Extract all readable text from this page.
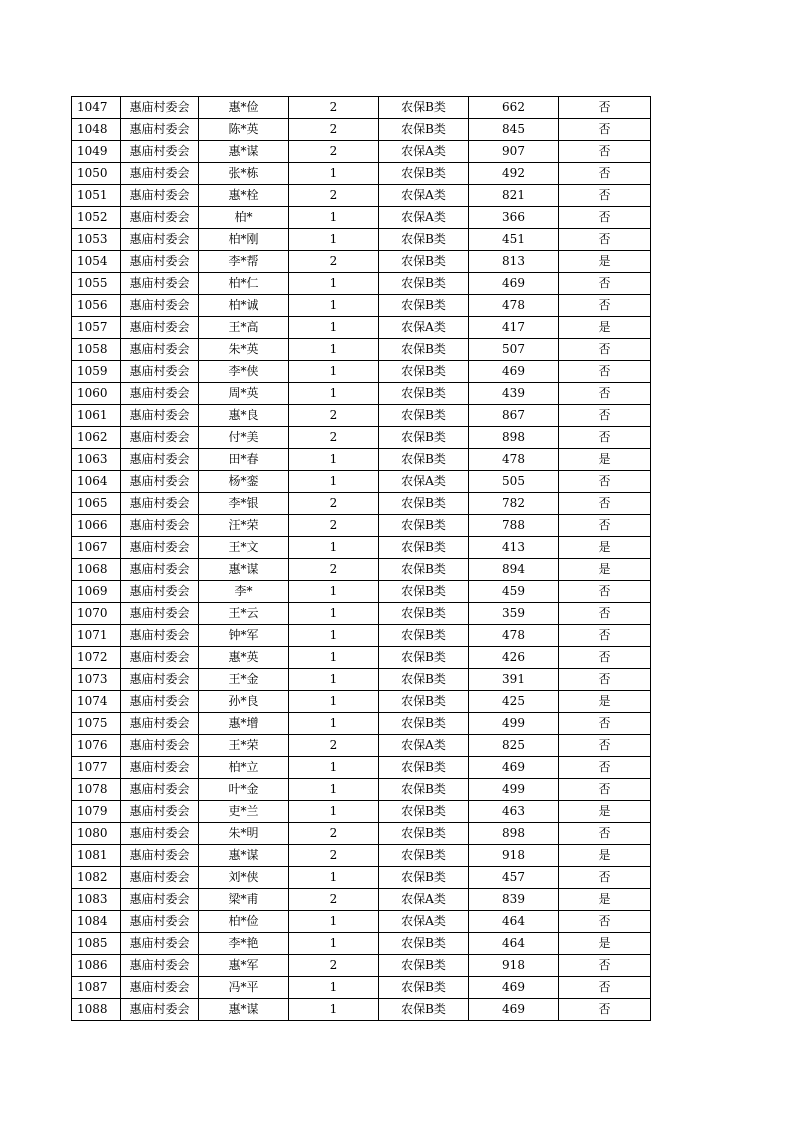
1047	惠庙村委会	惠*俭	2	农保B类	662	否
1048	惠庙村委会	陈*英	2	农保B类	845	否
1049	惠庙村委会	惠*谋	2	农保A类	907	否
1050	惠庙村委会	张*栋	1	农保B类	492	否
1051	惠庙村委会	惠*栓	2	农保A类	821	否
1052	惠庙村委会	柏*	1	农保A类	366	否
1053	惠庙村委会	柏*刚	1	农保B类	451	否
1054	惠庙村委会	李*帮	2	农保B类	813	是
1055	惠庙村委会	柏*仁	1	农保B类	469	否
1056	惠庙村委会	柏*诚	1	农保B类	478	否
1057	惠庙村委会	王*高	1	农保A类	417	是
1058	惠庙村委会	朱*英	1	农保B类	507	否
1059	惠庙村委会	李*侠	1	农保B类	469	否
1060	惠庙村委会	周*英	1	农保B类	439	否
1061	惠庙村委会	惠*良	2	农保B类	867	否
1062	惠庙村委会	付*美	2	农保B类	898	否
1063	惠庙村委会	田*春	1	农保B类	478	是
1064	惠庙村委会	杨*銮	1	农保A类	505	否
1065	惠庙村委会	李*银	2	农保B类	782	否
1066	惠庙村委会	汪*荣	2	农保B类	788	否
1067	惠庙村委会	王*文	1	农保B类	413	是
1068	惠庙村委会	惠*谋	2	农保B类	894	是
1069	惠庙村委会	李*	1	农保B类	459	否
1070	惠庙村委会	王*云	1	农保B类	359	否
1071	惠庙村委会	钟*军	1	农保B类	478	否
1072	惠庙村委会	惠*英	1	农保B类	426	否
1073	惠庙村委会	王*金	1	农保B类	391	否
1074	惠庙村委会	孙*良	1	农保B类	425	是
1075	惠庙村委会	惠*增	1	农保B类	499	否
1076	惠庙村委会	王*荣	2	农保A类	825	否
1077	惠庙村委会	柏*立	1	农保B类	469	否
1078	惠庙村委会	叶*金	1	农保B类	499	否
1079	惠庙村委会	吏*兰	1	农保B类	463	是
1080	惠庙村委会	朱*明	2	农保B类	898	否
1081	惠庙村委会	惠*谋	2	农保B类	918	是
1082	惠庙村委会	刘*侠	1	农保B类	457	否
1083	惠庙村委会	梁*甫	2	农保A类	839	是
1084	惠庙村委会	柏*俭	1	农保A类	464	否
1085	惠庙村委会	李*艳	1	农保B类	464	是
1086	惠庙村委会	惠*军	2	农保B类	918	否
1087	惠庙村委会	冯*平	1	农保B类	469	否
1088	惠庙村委会	惠*谋	1	农保B类	469	否
